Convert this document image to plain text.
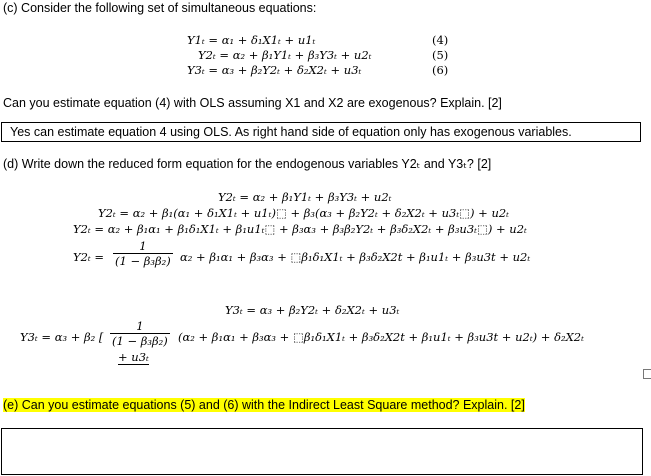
(c) Consider the following set of simultaneous equations:
Y1ₜ = α₁ + δ₁X1ₜ + u1ₜ	(4)
Y2ₜ = α₂ + β₁Y1ₜ + β₃Y3ₜ + u2ₜ	(5)
Y3ₜ = α₃ + β₂Y2ₜ + δ₂X2ₜ + u3ₜ	(6)
Can you estimate equation (4) with OLS assuming X1 and X2 are exogenous? Explain. [2]
Yes can estimate equation 4 using OLS. As right hand side of equation only has exogenous variables.
(d) Write down the reduced form equation for the endogenous variables Y2ₜ and Y3ₜ? [2]
Y2ₜ = α₂ + β₁Y1ₜ + β₃Y3ₜ + u2ₜ
Y2ₜ = α₂ + β₁(α₁ + δ₁X1ₜ + u1ₜ)⬚ + β₃(α₃ + β₂Y2ₜ + δ₂X2ₜ + u3ₜ⬚) + u2ₜ
Y2ₜ = α₂ + β₁α₁ + β₁δ₁X1ₜ + β₁u1ₜ⬚ + β₃α₃ + β₃β₂Y2ₜ + β₃δ₂X2ₜ + β₃u3ₜ⬚) + u2ₜ
$Y2_t = \frac{1}{\text{(1 − β₃β₂)}} \alpha_2 + \beta_1\alpha_1 + \beta_3\alpha_3$ + ⬚β₁δ₁X1ₜ + β₃δ₂X2t + β₁u1ₜ + β₃u3t + u2ₜ
Y3ₜ = α₃ + β₂Y2ₜ + δ₂X2ₜ + u3ₜ
Y3ₜ = α₃ + β₂ [ $\frac{1}{\text{(1 − β₃β₂)}} (\alpha_2 + \beta_1\alpha_1 + \beta_3\alpha_3$ + ⬚β₁δ₁X1ₜ + β₃δ₂X2t + β₁u1ₜ + β₃u3t + u2ₜ) + δ₂X2ₜ
+ u3ₜ
(e) Can you estimate equations (5) and (6) with the Indirect Least Square method? Explain. [2]
